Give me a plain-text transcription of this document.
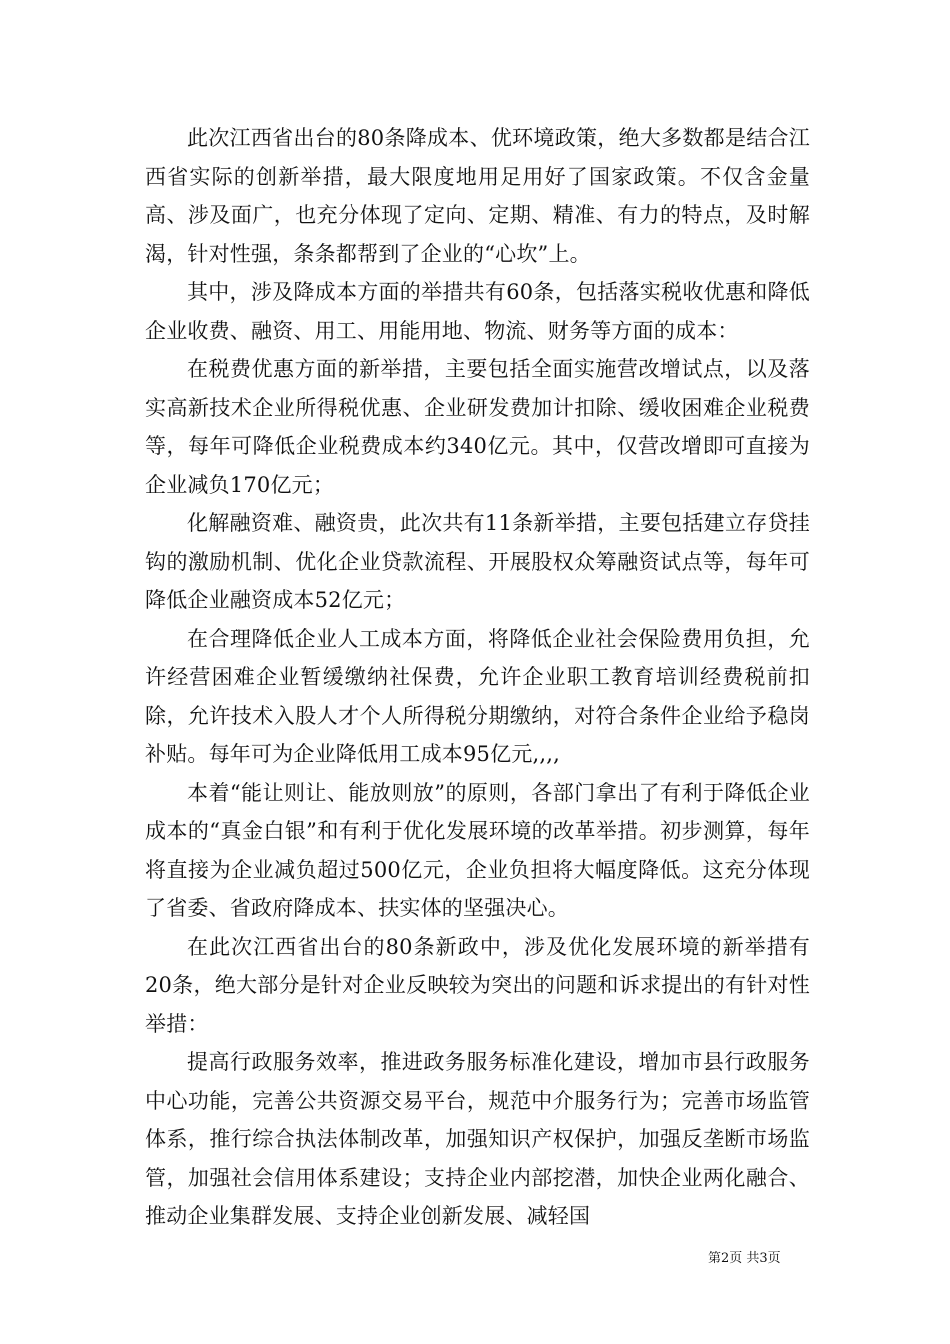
此次江西省出台的80条降成本、优环境政策，绝大多数都是结合江西省实际的创新举措，最大限度地用足用好了国家政策。不仅含金量高、涉及面广，也充分体现了定向、定期、精准、有力的特点，及时解渴，针对性强，条条都帮到了企业的“心坎”上。

其中，涉及降成本方面的举措共有60条，包括落实税收优惠和降低企业收费、融资、用工、用能用地、物流、财务等方面的成本：

在税费优惠方面的新举措，主要包括全面实施营改增试点，以及落实高新技术企业所得税优惠、企业研发费加计扣除、缓收困难企业税费等，每年可降低企业税费成本约340亿元。其中，仅营改增即可直接为企业减负170亿元；

化解融资难、融资贵，此次共有11条新举措，主要包括建立存贷挂钩的激励机制、优化企业贷款流程、开展股权众筹融资试点等，每年可降低企业融资成本52亿元；

在合理降低企业人工成本方面，将降低企业社会保险费用负担，允许经营困难企业暂缓缴纳社保费，允许企业职工教育培训经费税前扣除，允许技术入股人才个人所得税分期缴纳，对符合条件企业给予稳岗补贴。每年可为企业降低用工成本95亿元,,,,

本着“能让则让、能放则放”的原则，各部门拿出了有利于降低企业成本的“真金白银”和有利于优化发展环境的改革举措。初步测算，每年将直接为企业减负超过500亿元，企业负担将大幅度降低。这充分体现了省委、省政府降成本、扶实体的坚强决心。

在此次江西省出台的80条新政中，涉及优化发展环境的新举措有20条，绝大部分是针对企业反映较为突出的问题和诉求提出的有针对性举措：

提高行政服务效率，推进政务服务标准化建设，增加市县行政服务中心功能，完善公共资源交易平台，规范中介服务行为；完善市场监管体系，推行综合执法体制改革，加强知识产权保护，加强反垄断市场监管，加强社会信用体系建设；支持企业内部挖潜，加快企业两化融合、推动企业集群发展、支持企业创新发展、减轻国

第2页 共3页
